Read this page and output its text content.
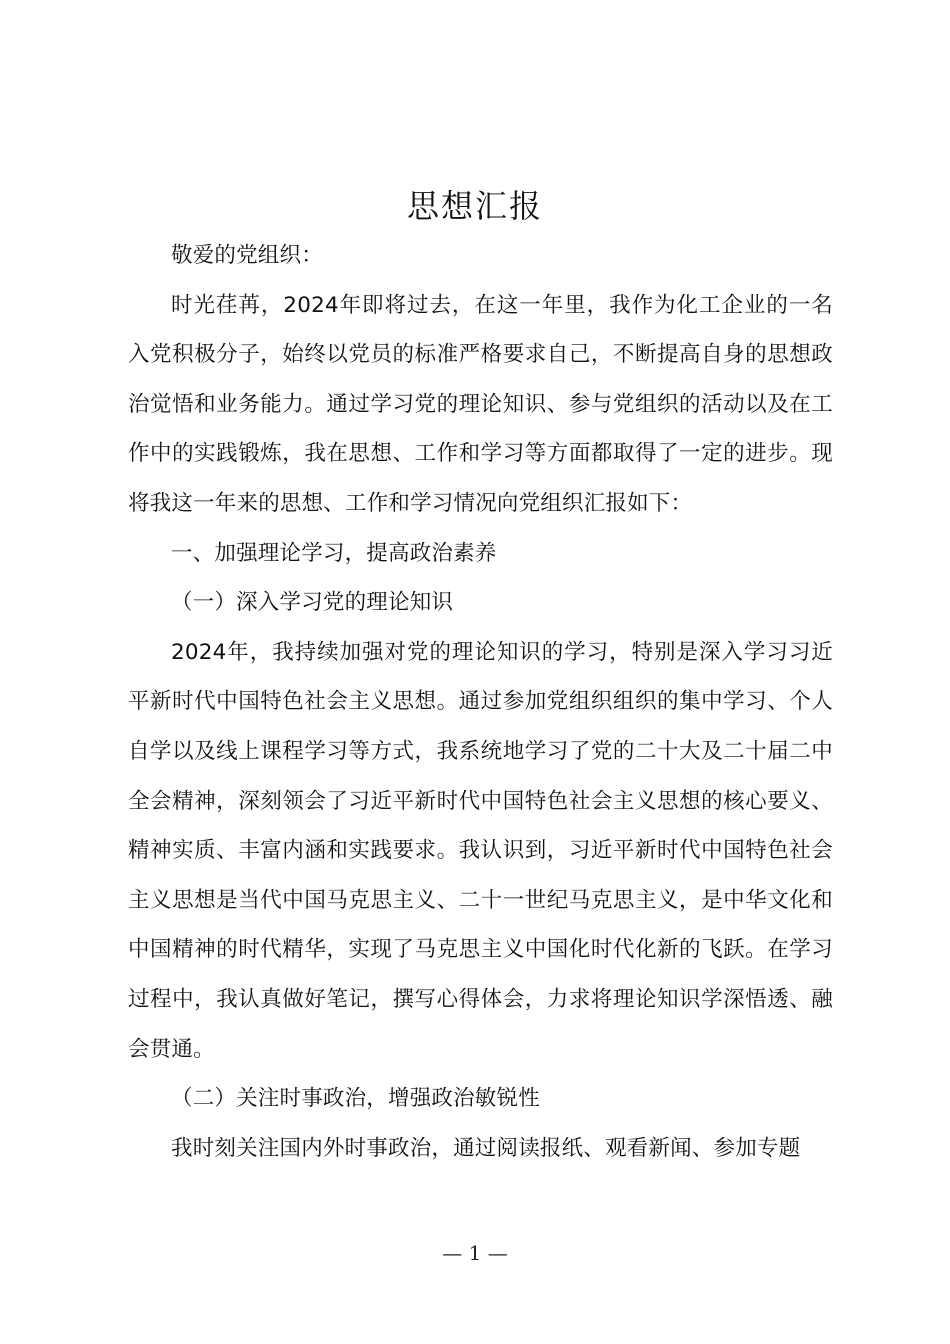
思想汇报

敬爱的党组织：

时光荏苒，2024年即将过去，在这一年里，我作为化工企业的一名入党积极分子，始终以党员的标准严格要求自己，不断提高自身的思想政治觉悟和业务能力。通过学习党的理论知识、参与党组织的活动以及在工作中的实践锻炼，我在思想、工作和学习等方面都取得了一定的进步。现将我这一年来的思想、工作和学习情况向党组织汇报如下：

一、加强理论学习，提高政治素养

（一）深入学习党的理论知识

2024年，我持续加强对党的理论知识的学习，特别是深入学习习近平新时代中国特色社会主义思想。通过参加党组织组织的集中学习、个人自学以及线上课程学习等方式，我系统地学习了党的二十大及二十届二中全会精神，深刻领会了习近平新时代中国特色社会主义思想的核心要义、精神实质、丰富内涵和实践要求。我认识到，习近平新时代中国特色社会主义思想是当代中国马克思主义、二十一世纪马克思主义，是中华文化和中国精神的时代精华，实现了马克思主义中国化时代化新的飞跃。在学习过程中，我认真做好笔记，撰写心得体会，力求将理论知识学深悟透、融会贯通。

（二）关注时事政治，增强政治敏锐性

我时刻关注国内外时事政治，通过阅读报纸、观看新闻、参加专题

— 1 —
